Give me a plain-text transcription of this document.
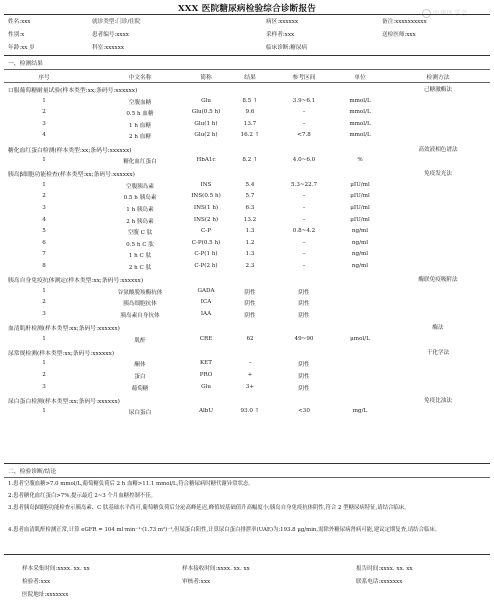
XXX 医院糖尿病检验综合诊断报告	中华医学会
姓名:xxx	就诊类型:门诊/住院	病区:xxxxxx	备注:xxxxxxxxxx
性别:x	患者编号:xxxx	采样者:xxx	送检医师:xxx
年龄:xx 岁	科室:xxxxxx	临床诊断:糖尿病
一、检测结果
序号	中文名称	简称	结果	参考区间	单位	检测方法
口服葡萄糖耐量试验(样本类型:xx;条码号:xxxxxx)	己糖激酶法
1	空腹血糖	Glu	8.5 ↑	3.9~6.1	mmol/L
2	0.5 h 血糖	Glu(0.5 h)	9.6	–	mmol/L
3	1 h 血糖	Glu(1 h)	13.7	–	mmol/L
4	2 h 血糖	Glu(2 h)	16.2 ↑	<7.8	mmol/L
糖化血红蛋白检测(样本类型:xx;条码号:xxxxxx)	高效液相色谱法
1	糖化血红蛋白	HbA1c	8.2 ↑	4.0~6.0	%
胰岛β细胞功能检查(样本类型:xx;条码号:xxxxxx)	免疫发光法
1	空腹胰岛素	INS	5.4	5.3~22.7	μIU/ml
2	0.5 h 胰岛素	INS(0.5 h)	5.7	–	μIU/ml
3	1 h 胰岛素	INS(1 h)	6.3	–	μIU/ml
4	2 h 胰岛素	INS(2 h)	13.2	–	μIU/ml
5	空腹 C 肽	C-P	1.3	0.8~4.2	ng/ml
6	0.5 h C 肽	C-P(0.5 h)	1.2	–	ng/ml
7	1 h C 肽	C-P(1 h)	1.3	–	ng/ml
8	2 h C 肽	C-P(2 h)	2.3	–	ng/ml
胰岛自身免疫抗体测定(样本类型:xx;条码号:xxxxxx)	酶联免疫吸附法
1	谷氨酸脱羧酶抗体	GADA	阴性	阴性
2	胰岛细胞抗体	ICA	阴性	阴性
3	胰岛素自身抗体	IAA	阴性	阴性
血清肌酐检测(样本类型:xx;条码号:xxxxxx)	酶法
1	肌酐	CRE	62	49~90	μmol/L
尿常规检测(样本类型:xx;条码号:xxxxxx)	干化学法
1	酮体	KET	–	阴性
2	蛋白	PRO	+	阴性
3	葡萄糖	Glu	3+	阴性
尿白蛋白检测(样本类型:xx;条码号:xxxxxx)	免疫比浊法
1	尿白蛋白	AlbU	93.0 ↑	<30	mg/L
二、检验诊断/结论
1.患者空腹血糖>7.0 mmol/L,葡萄糖负荷后 2 h 血糖>11.1 mmol/L,符合糖尿病时糖代谢异常状态。
2.患者糖化血红蛋白>7%,提示最近 2~3 个月血糖控制不佳。
3.患者胰岛β细胞功能检查示胰岛素、C 肽基础水平尚可,葡萄糖负荷后分泌高峰延迟,峰值较基础值升高幅度小;胰岛自身免疫抗体阴性,符合 2 型糖尿病特征,请结合临床。
4.患者血清肌酐检测正常,计算 eGFR = 104 ml·min⁻¹·(1.73 m²)⁻¹,但尿蛋白阳性,计算尿白蛋白排泄率(UAE)为:193.8 μg/min,需除外糖尿病肾病可能,建议定期复查,请结合临床。
样本采集时间:xxxx. xx. xx	样本接收时间:xxxx. xx. xx	报告时间:xxxx. xx. xx
检验者:xxx	审核者:xxx	联系电话:xxxxxxx
医院地址:xxxxxxx
